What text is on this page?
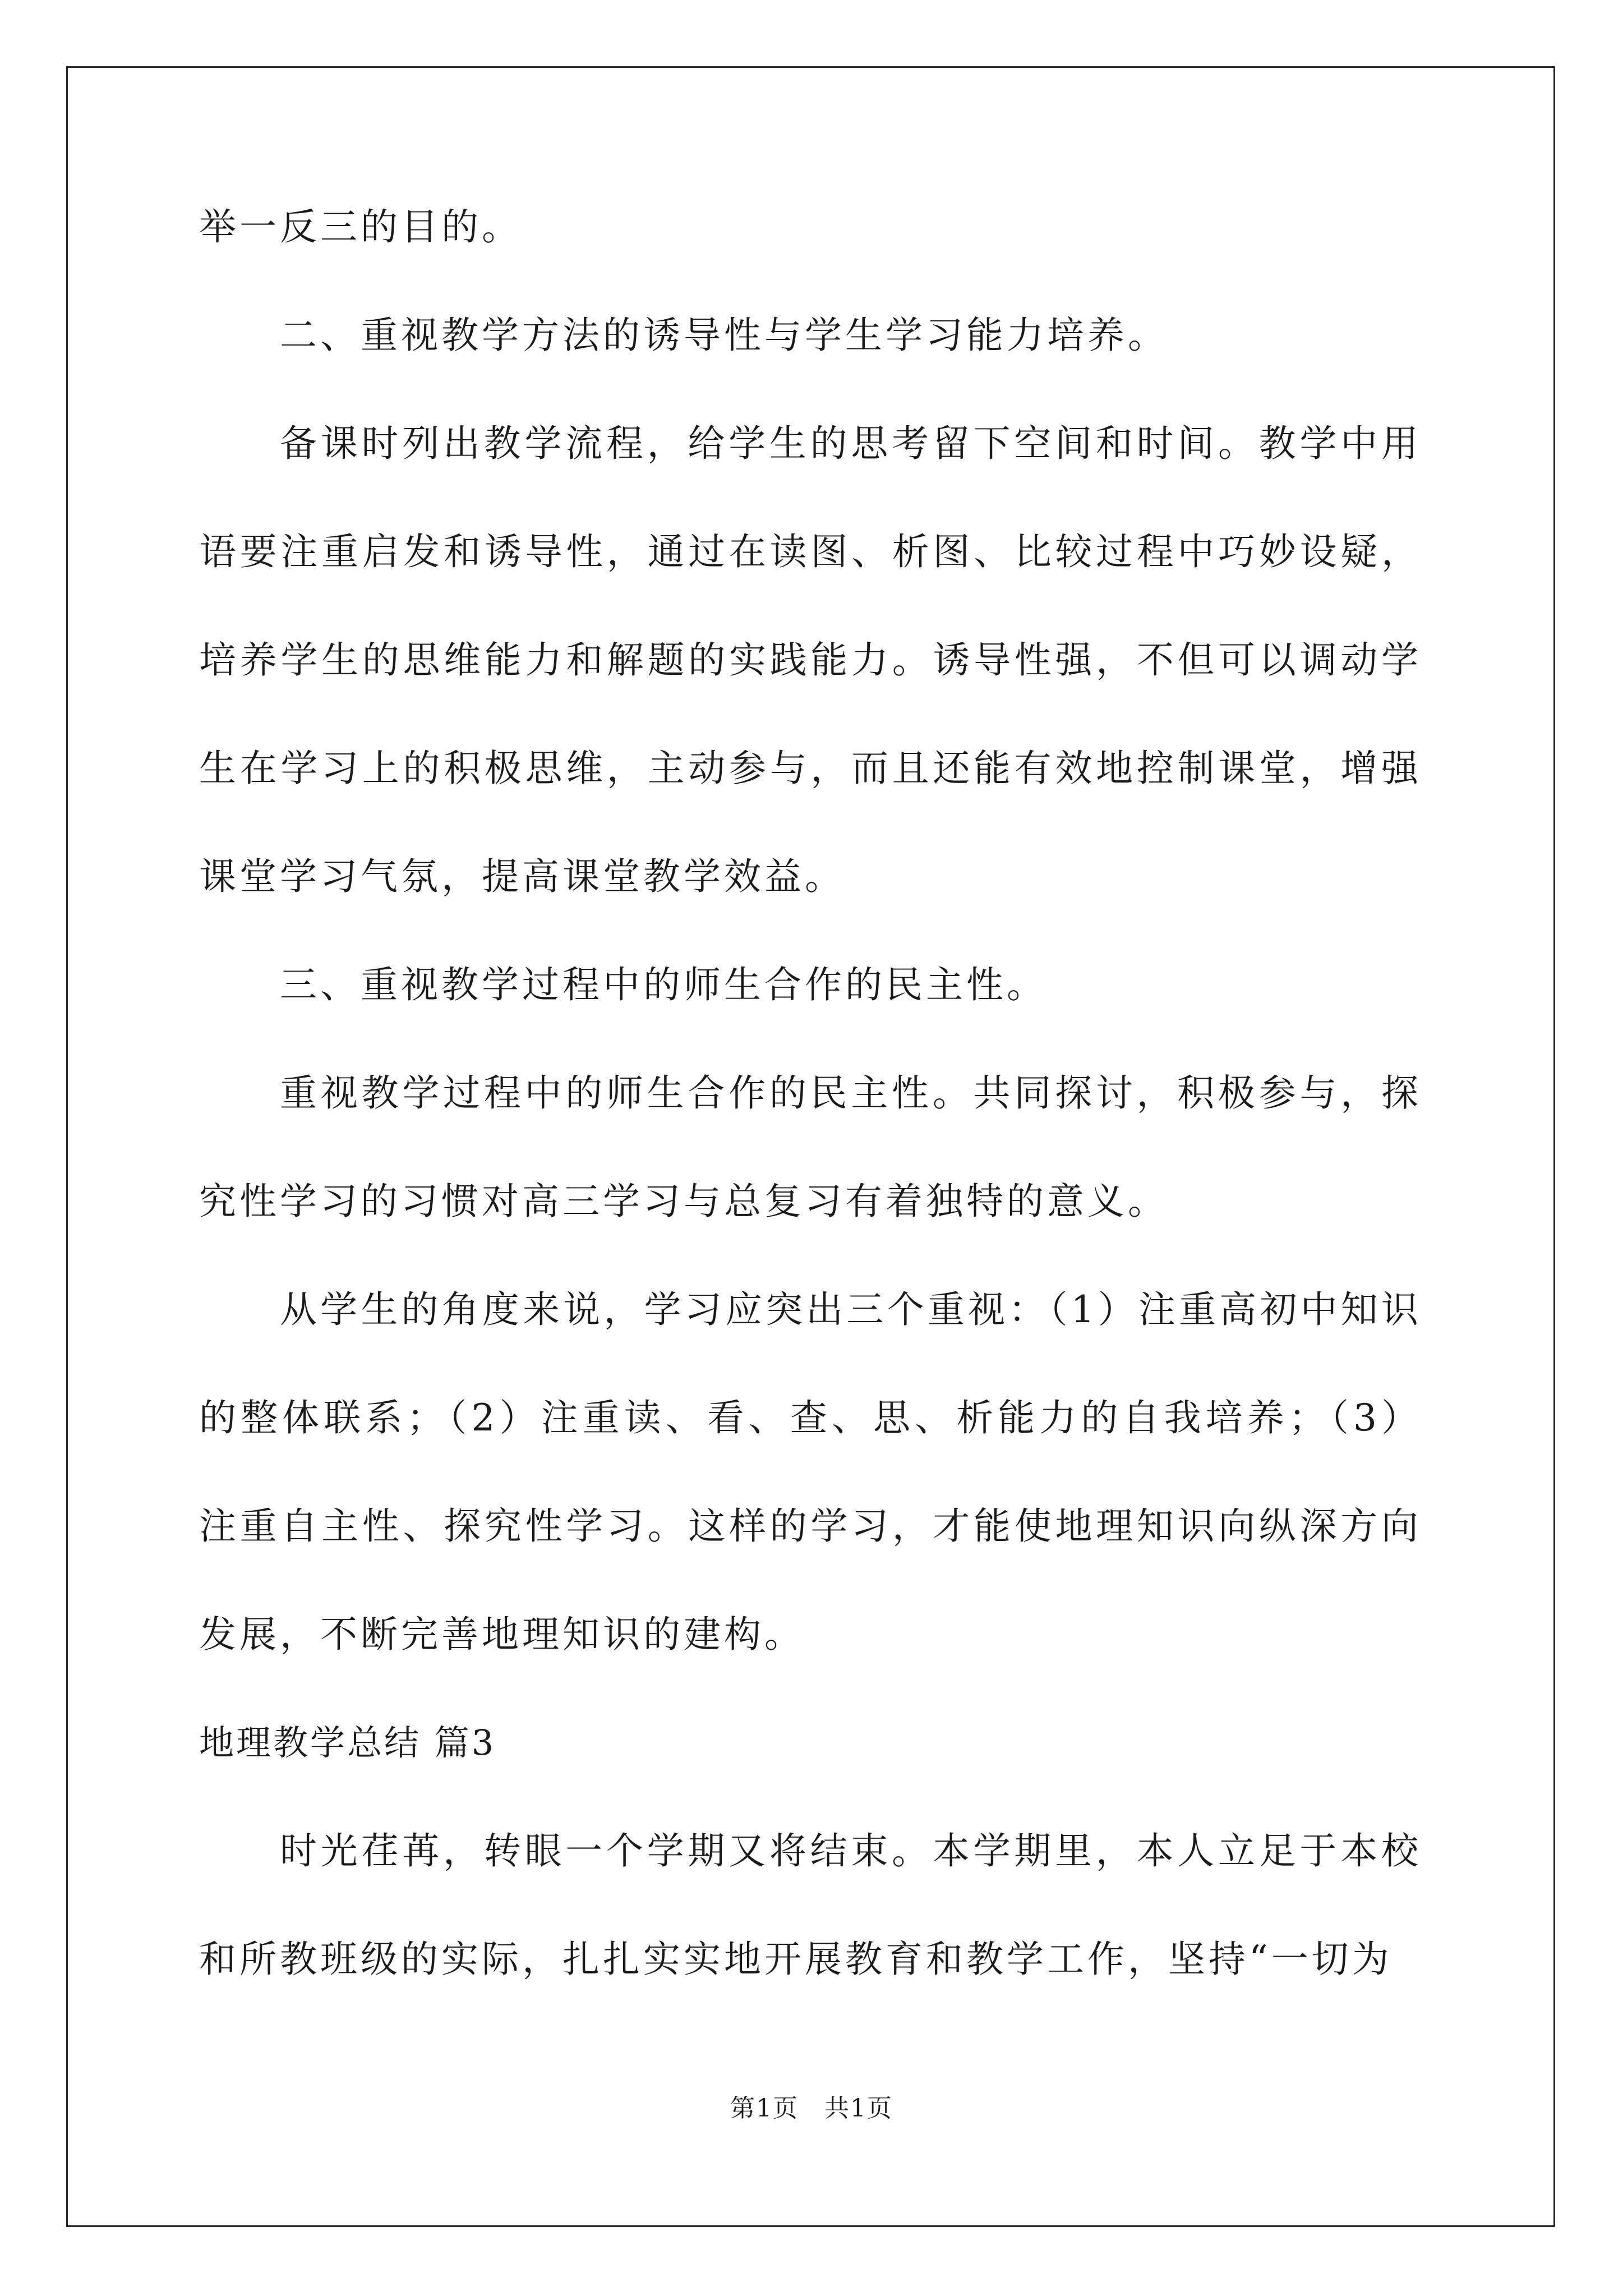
举一反三的目的。

二、重视教学方法的诱导性与学生学习能力培养。

备课时列出教学流程，给学生的思考留下空间和时间。教学中用语要注重启发和诱导性，通过在读图、析图、比较过程中巧妙设疑，培养学生的思维能力和解题的实践能力。诱导性强，不但可以调动学生在学习上的积极思维，主动参与，而且还能有效地控制课堂，增强课堂学习气氛，提高课堂教学效益。

三、重视教学过程中的师生合作的民主性。

重视教学过程中的师生合作的民主性。共同探讨，积极参与，探究性学习的习惯对高三学习与总复习有着独特的意义。

从学生的角度来说，学习应突出三个重视：（1）注重高初中知识的整体联系；（2）注重读、看、查、思、析能力的自我培养；（3）注重自主性、探究性学习。这样的学习，才能使地理知识向纵深方向发展，不断完善地理知识的建构。

地理教学总结 篇3

时光荏苒，转眼一个学期又将结束。本学期里，本人立足于本校和所教班级的实际，扎扎实实地开展教育和教学工作，坚持“一切为

第1页　共1页
